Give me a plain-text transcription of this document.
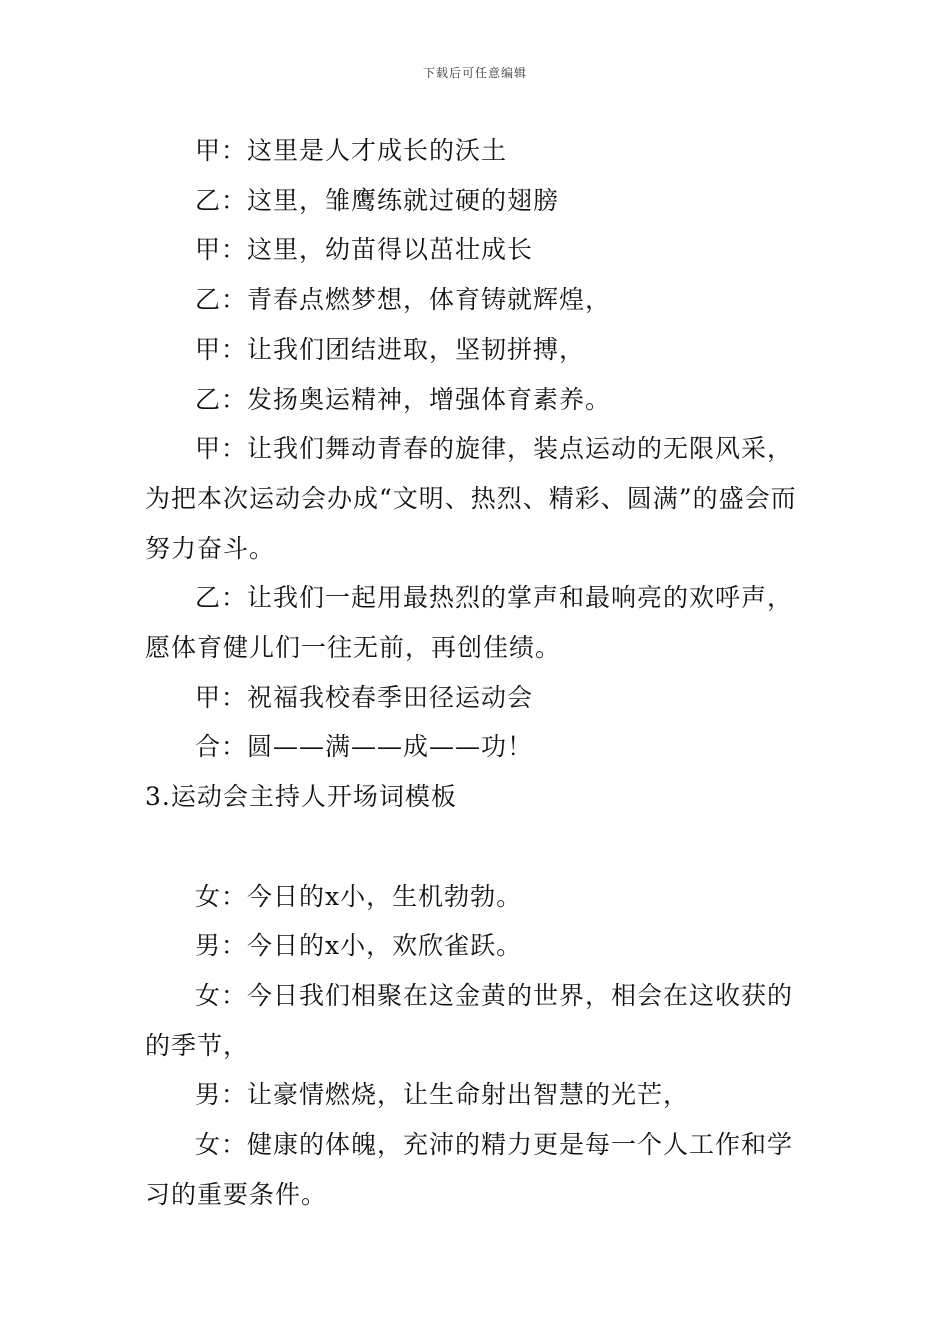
下载后可任意编辑

甲：这里是人才成长的沃土

乙：这里，雏鹰练就过硬的翅膀

甲：这里，幼苗得以茁壮成长

乙：青春点燃梦想，体育铸就辉煌，

甲：让我们团结进取，坚韧拼搏，

乙：发扬奥运精神，增强体育素养。

甲：让我们舞动青春的旋律，装点运动的无限风采，为把本次运动会办成“文明、热烈、精彩、圆满”的盛会而努力奋斗。

乙：让我们一起用最热烈的掌声和最响亮的欢呼声，愿体育健儿们一往无前，再创佳绩。

甲：祝福我校春季田径运动会

合：圆——满——成——功！

3.运动会主持人开场词模板

女：今日的x小，生机勃勃。

男：今日的x小，欢欣雀跃。

女：今日我们相聚在这金黄的世界，相会在这收获的的季节，

男：让豪情燃烧，让生命射出智慧的光芒，

女：健康的体魄，充沛的精力更是每一个人工作和学习的重要条件。
